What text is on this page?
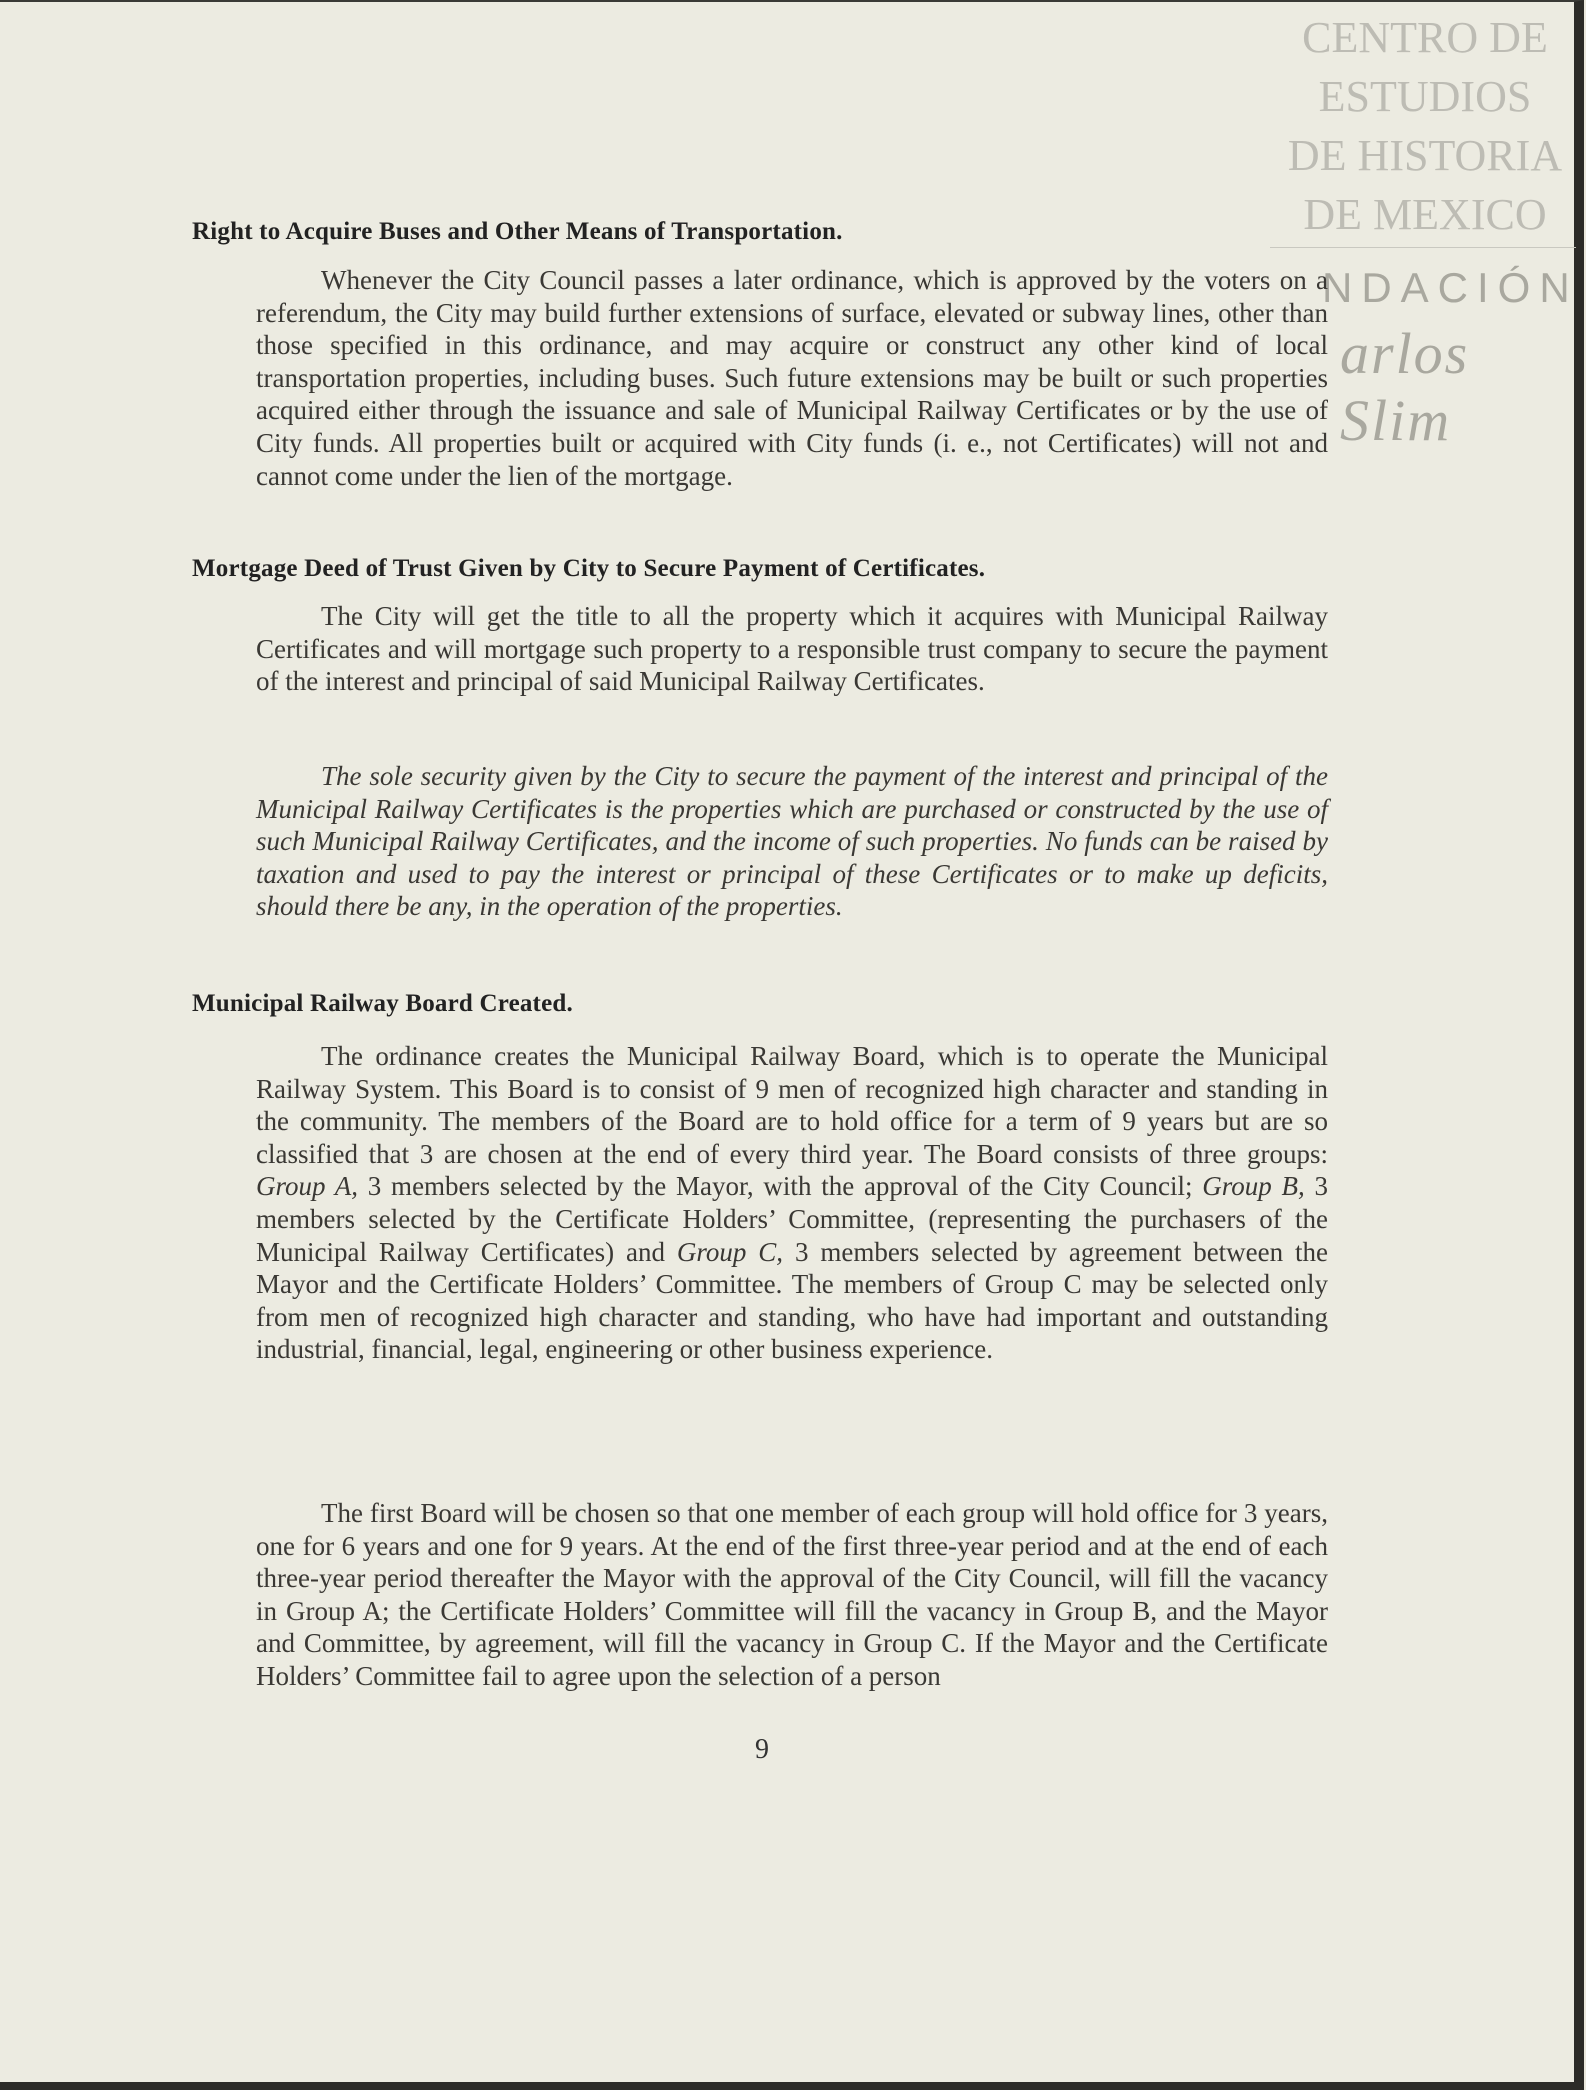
CENTRO DE
ESTUDIOS
DE HISTORIA
DE MEXICO
NDACIÓN
arlos Slim
Right to Acquire Buses and Other Means of Transportation.

Whenever the City Council passes a later ordinance, which is approved by the voters on a referendum, the City may build further extensions of surface, elevated or subway lines, other than those specified in this ordinance, and may acquire or construct any other kind of local transportation properties, including buses. Such future extensions may be built or such properties acquired either through the issuance and sale of Municipal Railway Certificates or by the use of City funds. All properties built or acquired with City funds (i. e., not Certificates) will not and cannot come under the lien of the mortgage.

Mortgage Deed of Trust Given by City to Secure Payment of Certificates.

The City will get the title to all the property which it acquires with Municipal Railway Certificates and will mortgage such property to a responsible trust company to secure the payment of the interest and principal of said Municipal Railway Certificates.

The sole security given by the City to secure the payment of the interest and principal of the Municipal Railway Certificates is the properties which are purchased or constructed by the use of such Municipal Railway Certificates, and the income of such properties. No funds can be raised by taxation and used to pay the interest or principal of these Certificates or to make up deficits, should there be any, in the operation of the properties.

Municipal Railway Board Created.

The ordinance creates the Municipal Railway Board, which is to operate the Municipal Railway System. This Board is to consist of 9 men of recognized high character and standing in the community. The members of the Board are to hold office for a term of 9 years but are so classified that 3 are chosen at the end of every third year. The Board consists of three groups: Group A, 3 members selected by the Mayor, with the approval of the City Council; Group B, 3 members selected by the Certificate Holders’ Committee, (representing the purchasers of the Municipal Railway Certificates) and Group C, 3 members selected by agreement between the Mayor and the Certificate Holders’ Committee. The members of Group C may be selected only from men of recognized high character and standing, who have had important and outstanding industrial, financial, legal, engineering or other business experience.

The first Board will be chosen so that one member of each group will hold office for 3 years, one for 6 years and one for 9 years. At the end of the first three-year period and at the end of each three-year period thereafter the Mayor with the approval of the City Council, will fill the vacancy in Group A; the Certificate Holders’ Committee will fill the vacancy in Group B, and the Mayor and Committee, by agreement, will fill the vacancy in Group C. If the Mayor and the Certificate Holders’ Committee fail to agree upon the selection of a person

9
